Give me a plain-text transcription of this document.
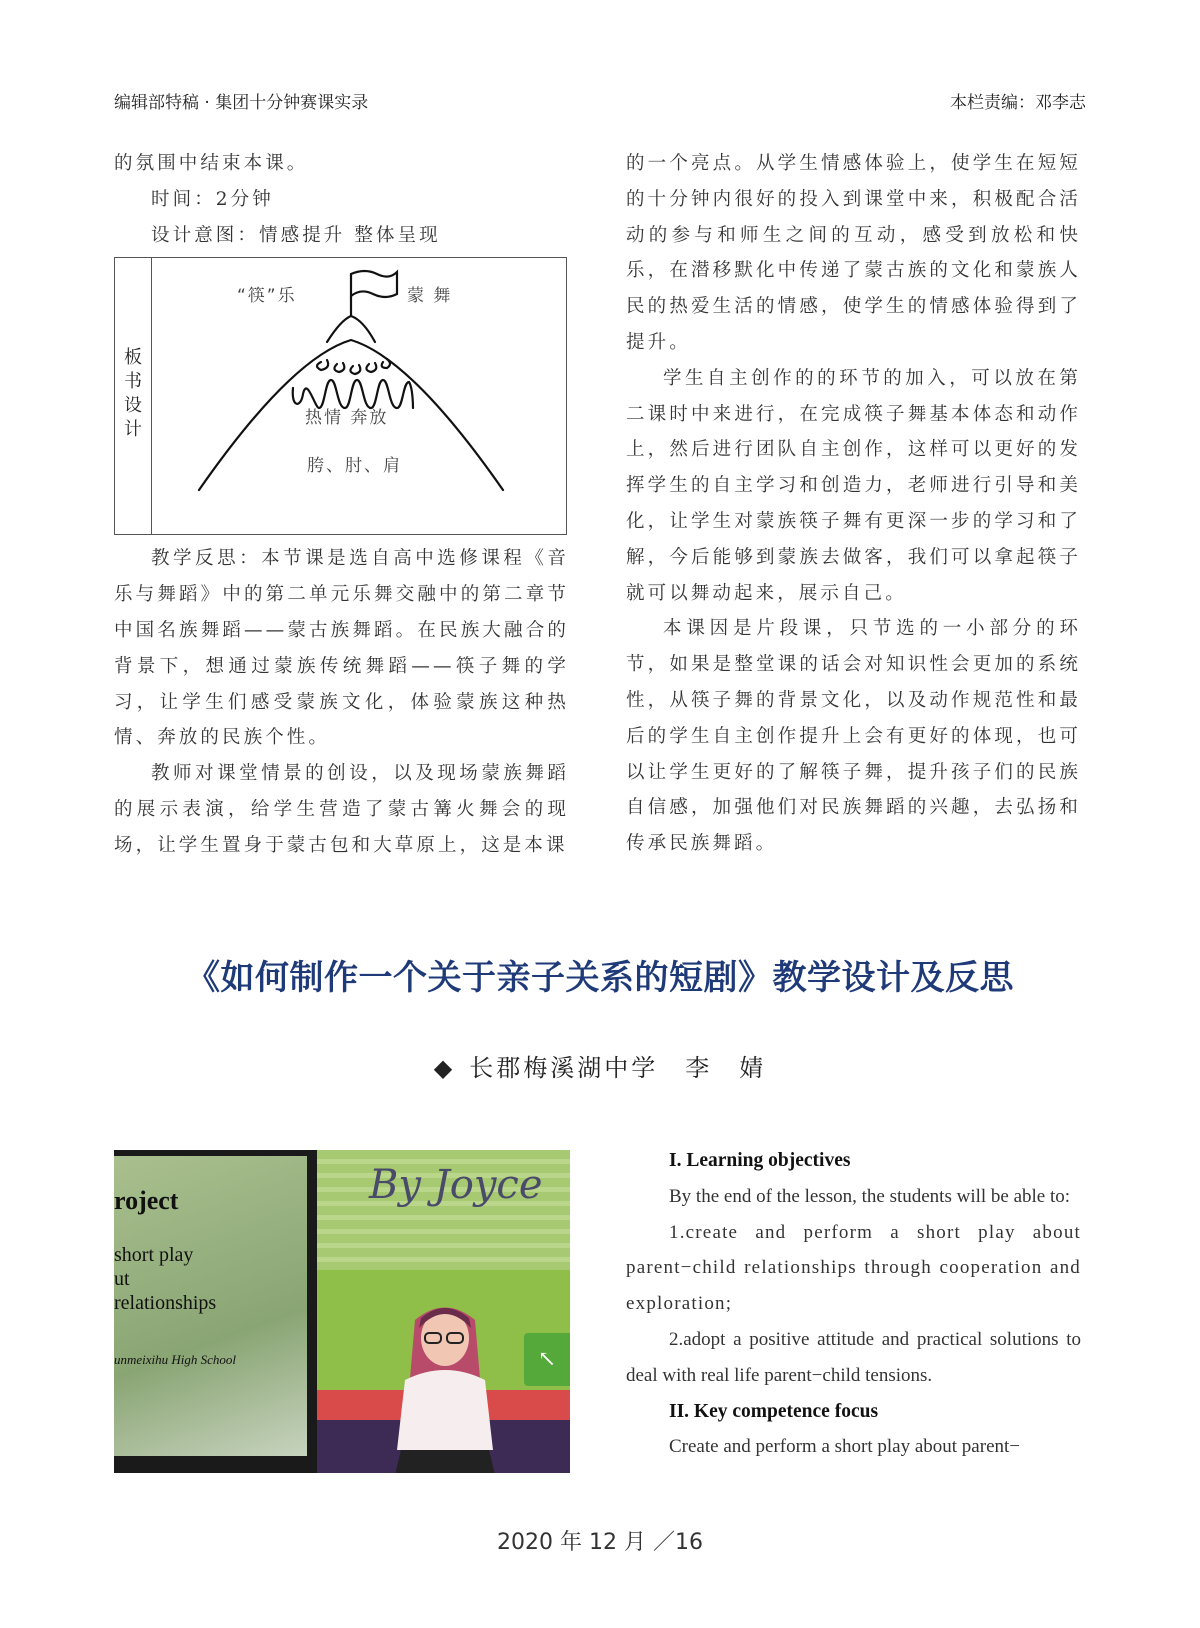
编辑部特稿 · 集团十分钟赛课实录	本栏责编：邓李志

的氛围中结束本课。

时间：2分钟

设计意图：情感提升 整体呈现

板书设计
“筷”乐	蒙 舞
热情 奔放
胯、肘、肩

教学反思：本节课是选自高中选修课程《音乐与舞蹈》中的第二单元乐舞交融中的第二章节中国名族舞蹈——蒙古族舞蹈。在民族大融合的背景下，想通过蒙族传统舞蹈——筷子舞的学习，让学生们感受蒙族文化，体验蒙族这种热情、奔放的民族个性。

教师对课堂情景的创设，以及现场蒙族舞蹈的展示表演，给学生营造了蒙古篝火舞会的现场，让学生置身于蒙古包和大草原上，这是本课

的一个亮点。从学生情感体验上，使学生在短短的十分钟内很好的投入到课堂中来，积极配合活动的参与和师生之间的互动，感受到放松和快乐，在潜移默化中传递了蒙古族的文化和蒙族人民的热爱生活的情感，使学生的情感体验得到了提升。

学生自主创作的的环节的加入，可以放在第二课时中来进行，在完成筷子舞基本体态和动作上，然后进行团队自主创作，这样可以更好的发挥学生的自主学习和创造力，老师进行引导和美化，让学生对蒙族筷子舞有更深一步的学习和了解，今后能够到蒙族去做客，我们可以拿起筷子就可以舞动起来，展示自己。

本课因是片段课，只节选的一小部分的环节，如果是整堂课的话会对知识性会更加的系统性，从筷子舞的背景文化，以及动作规范性和最后的学生自主创作提升上会有更好的体现，也可以让学生更好的了解筷子舞，提升孩子们的民族自信感，加强他们对民族舞蹈的兴趣，去弘扬和传承民族舞蹈。

《如何制作一个关于亲子关系的短剧》教学设计及反思
◆ 长郡梅溪湖中学　李　婧
roject
short play
ut
relationships
unmeixihu High School
By Joyce
↖
I. Learning objectives

By the end of the lesson, the students will be able to:

1.create and perform a short play about parent−child relationships through cooperation and exploration;

2.adopt a positive attitude and practical solutions to deal with real life parent−child tensions.

II. Key competence focus

Create and perform a short play about parent−

2020 年 12 月 ／16
